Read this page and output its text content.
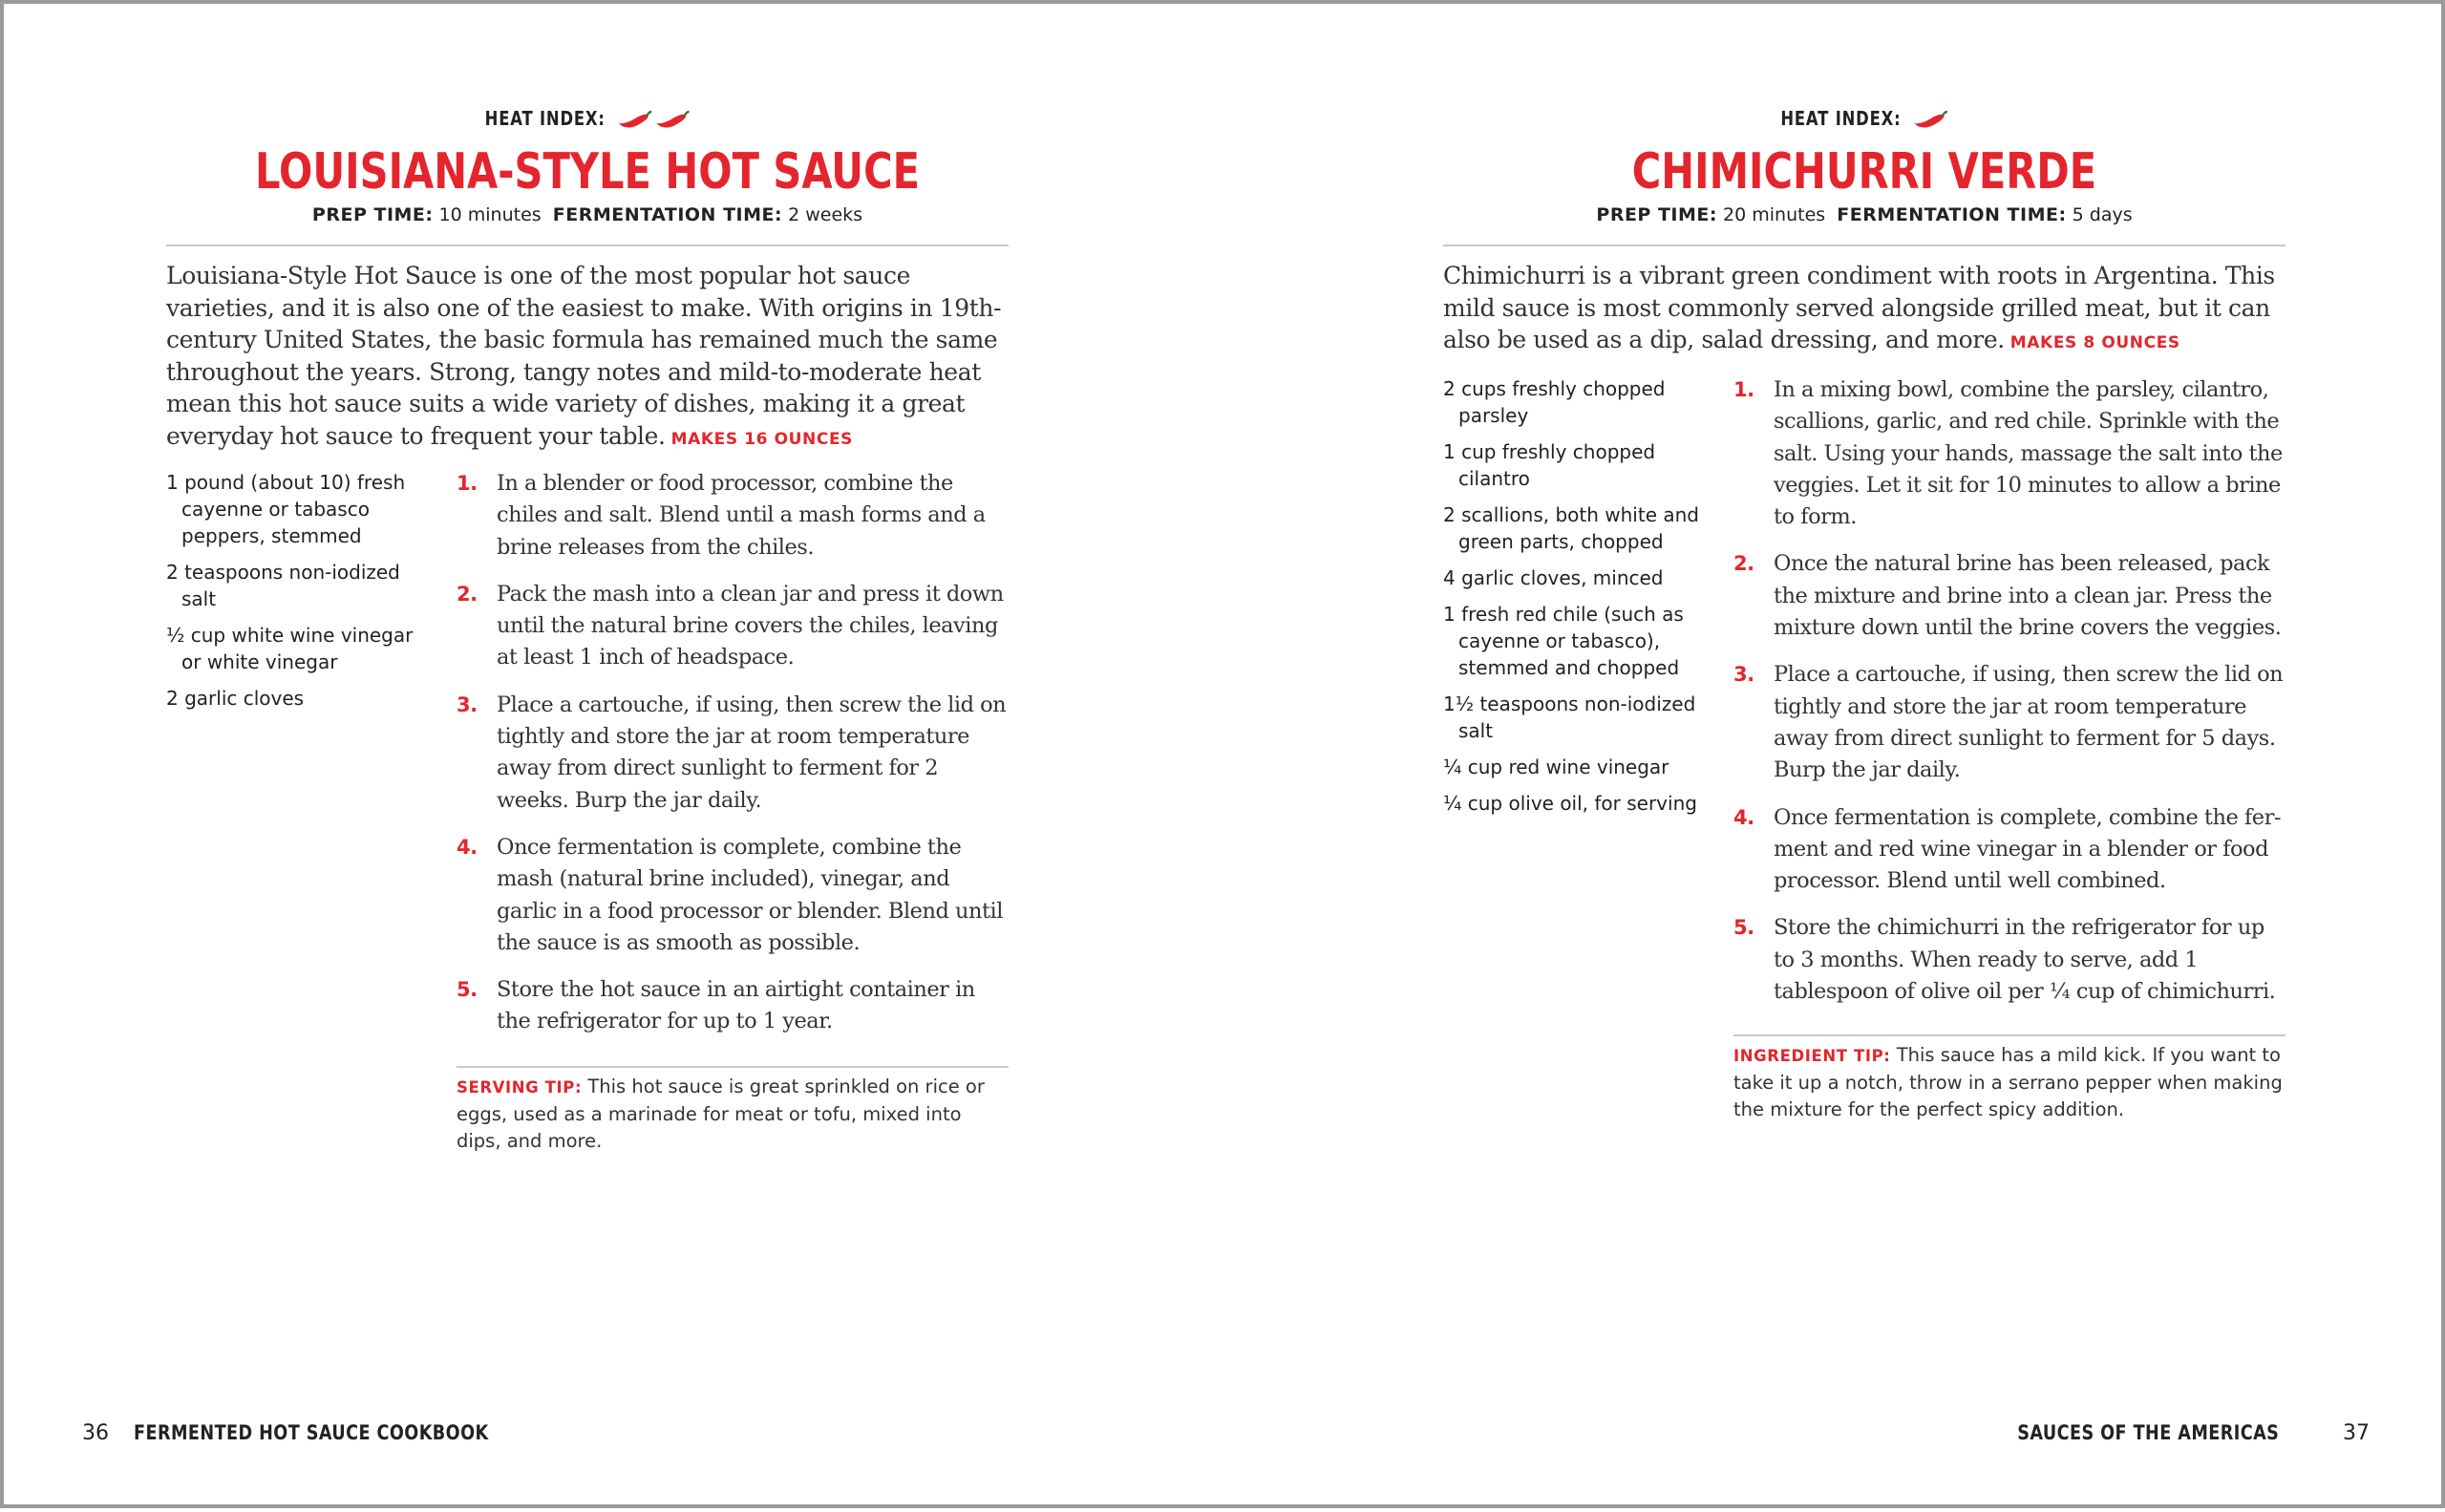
HEAT INDEX:
LOUISIANA-STYLE HOT SAUCE
PREP TIME: 10 minutes FERMENTATION TIME: 2 weeks

Louisiana-Style Hot Sauce is one of the most popular hot sauce varieties, and it is also one of the easiest to make. With origins in 19th-century United States, the basic formula has remained much the same throughout the years. Strong, tangy notes and mild-to-moderate heat mean this hot sauce suits a wide variety of dishes, making it a great everyday hot sauce to frequent your table. MAKES 16 OUNCES

1 pound (about 10) fresh cayenne or tabasco peppers, stemmed
2 teaspoons non-iodized salt
½ cup white wine vinegar or white vinegar
2 garlic cloves
1. In a blender or food processor, combine the chiles and salt. Blend until a mash forms and a brine releases from the chiles.
2. Pack the mash into a clean jar and press it down until the natural brine covers the chiles, leaving at least 1 inch of headspace.
3. Place a cartouche, if using, then screw the lid on tightly and store the jar at room temperature away from direct sunlight to ferment for 2 weeks. Burp the jar daily.
4. Once fermentation is complete, combine the mash (natural brine included), vinegar, and garlic in a food processor or blender. Blend until the sauce is as smooth as possible.
5. Store the hot sauce in an airtight container in the refrigerator for up to 1 year.

SERVING TIP: This hot sauce is great sprinkled on rice or eggs, used as a marinade for meat or tofu, mixed into dips, and more.

HEAT INDEX:
CHIMICHURRI VERDE
PREP TIME: 20 minutes FERMENTATION TIME: 5 days

Chimichurri is a vibrant green condiment with roots in Argentina. This mild sauce is most commonly served alongside grilled meat, but it can also be used as a dip, salad dressing, and more. MAKES 8 OUNCES

2 cups freshly chopped parsley
1 cup freshly chopped cilantro
2 scallions, both white and green parts, chopped
4 garlic cloves, minced
1 fresh red chile (such as cayenne or tabasco), stemmed and chopped
1½ teaspoons non-iodized salt
¼ cup red wine vinegar
¼ cup olive oil, for serving
1. In a mixing bowl, combine the parsley, cilantro, scallions, garlic, and red chile. Sprinkle with the salt. Using your hands, massage the salt into the veggies. Let it sit for 10 minutes to allow a brine to form.
2. Once the natural brine has been released, pack the mixture and brine into a clean jar. Press the mixture down until the brine covers the veggies.
3. Place a cartouche, if using, then screw the lid on tightly and store the jar at room temperature away from direct sunlight to ferment for 5 days. Burp the jar daily.
4. Once fermentation is complete, combine the ferment and red wine vinegar in a blender or food processor. Blend until well combined.
5. Store the chimichurri in the refrigerator for up to 3 months. When ready to serve, add 1 tablespoon of olive oil per ¼ cup of chimichurri.

INGREDIENT TIP: This sauce has a mild kick. If you want to take it up a notch, throw in a serrano pepper when making the mixture for the perfect spicy addition.

36 FERMENTED HOT SAUCE COOKBOOK	SAUCES OF THE AMERICAS	37
